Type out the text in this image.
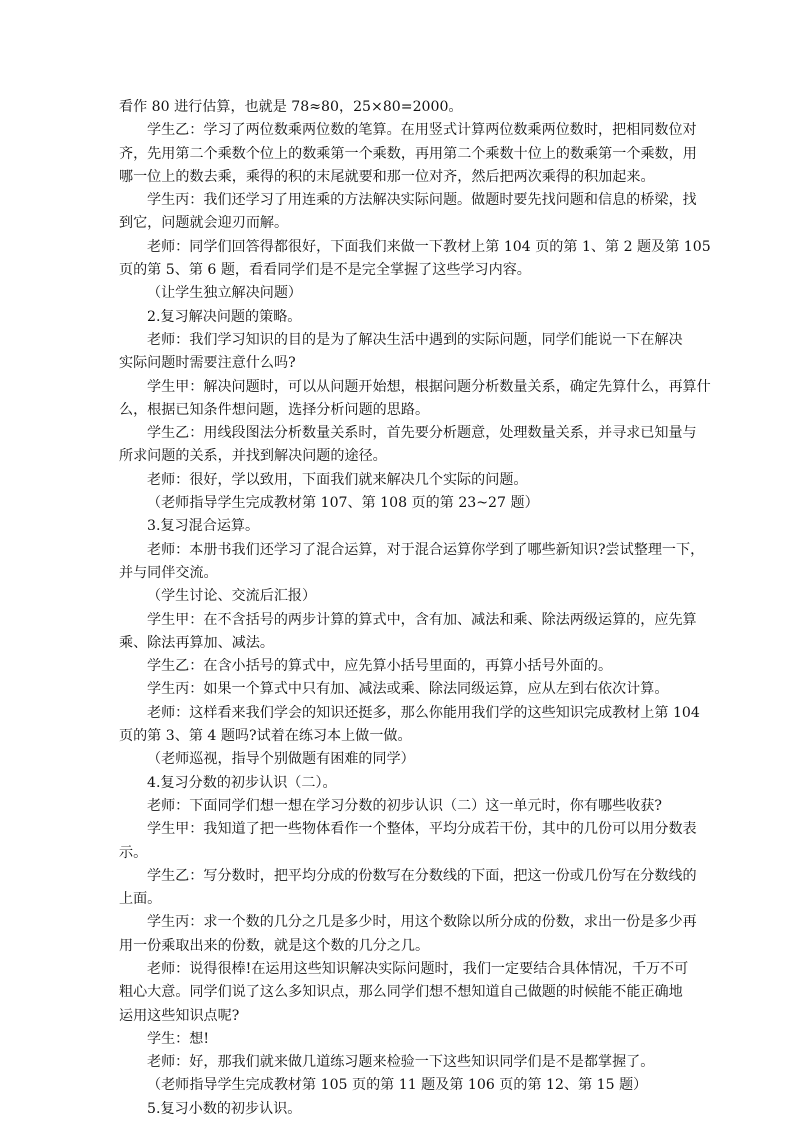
看作 80 进行估算，也就是 78≈80，25×80=2000。
学生乙：学习了两位数乘两位数的笔算。在用竖式计算两位数乘两位数时，把相同数位对
齐，先用第二个乘数个位上的数乘第一个乘数，再用第二个乘数十位上的数乘第一个乘数，用
哪一位上的数去乘，乘得的积的末尾就要和那一位对齐，然后把两次乘得的积加起来。
学生丙：我们还学习了用连乘的方法解决实际问题。做题时要先找问题和信息的桥梁，找
到它，问题就会迎刃而解。
老师：同学们回答得都很好，下面我们来做一下教材上第 104 页的第 1、第 2 题及第 105
页的第 5、第 6 题，看看同学们是不是完全掌握了这些学习内容。
（让学生独立解决问题）
2.复习解决问题的策略。
老师：我们学习知识的目的是为了解决生活中遇到的实际问题，同学们能说一下在解决
实际问题时需要注意什么吗?
学生甲：解决问题时，可以从问题开始想，根据问题分析数量关系，确定先算什么，再算什
么，根据已知条件想问题，选择分析问题的思路。
学生乙：用线段图法分析数量关系时，首先要分析题意，处理数量关系，并寻求已知量与
所求问题的关系，并找到解决问题的途径。
老师：很好，学以致用，下面我们就来解决几个实际的问题。
（老师指导学生完成教材第 107、第 108 页的第 23~27 题）
3.复习混合运算。
老师：本册书我们还学习了混合运算，对于混合运算你学到了哪些新知识?尝试整理一下，
并与同伴交流。
（学生讨论、交流后汇报）
学生甲：在不含括号的两步计算的算式中，含有加、减法和乘、除法两级运算的，应先算
乘、除法再算加、减法。
学生乙：在含小括号的算式中，应先算小括号里面的，再算小括号外面的。
学生丙：如果一个算式中只有加、减法或乘、除法同级运算，应从左到右依次计算。
老师：这样看来我们学会的知识还挺多，那么你能用我们学的这些知识完成教材上第 104
页的第 3、第 4 题吗?试着在练习本上做一做。
（老师巡视，指导个别做题有困难的同学）
4.复习分数的初步认识（二）。
老师：下面同学们想一想在学习分数的初步认识（二）这一单元时，你有哪些收获?
学生甲：我知道了把一些物体看作一个整体，平均分成若干份，其中的几份可以用分数表
示。
学生乙：写分数时，把平均分成的份数写在分数线的下面，把这一份或几份写在分数线的
上面。
学生丙：求一个数的几分之几是多少时，用这个数除以所分成的份数，求出一份是多少再
用一份乘取出来的份数，就是这个数的几分之几。
老师：说得很棒!在运用这些知识解决实际问题时，我们一定要结合具体情况，千万不可
粗心大意。同学们说了这么多知识点，那么同学们想不想知道自己做题的时候能不能正确地
运用这些知识点呢?
学生：想!
老师：好，那我们就来做几道练习题来检验一下这些知识同学们是不是都掌握了。
（老师指导学生完成教材第 105 页的第 11 题及第 106 页的第 12、第 15 题）
5.复习小数的初步认识。
